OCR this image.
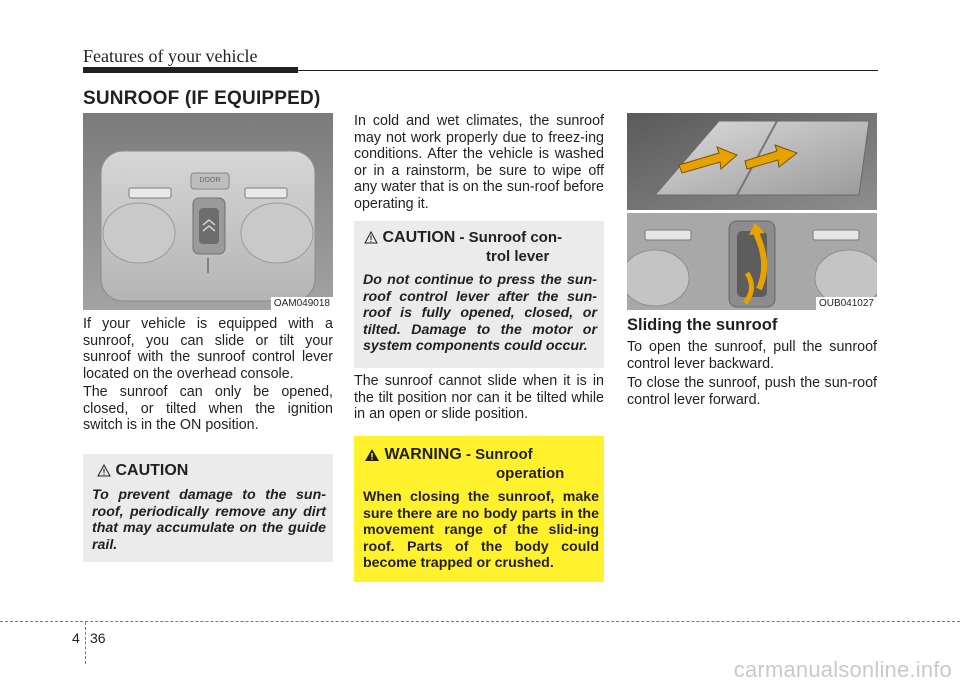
Features of your vehicle
SUNROOF (IF EQUIPPED)
DOOR
OAM049018
If your vehicle is equipped with a sunroof, you can slide or tilt your sunroof with the sunroof control lever located on the overhead console.
The sunroof can only be opened, closed, or tilted when the ignition switch is in the ON position.
CAUTION
To prevent damage to the sun-roof, periodically remove any dirt that may accumulate on the guide rail.
In cold and wet climates, the sunroof may not work properly due to freez-ing conditions. After the vehicle is washed or in a rainstorm, be sure to wipe off any water that is on the sun-roof before operating it.
CAUTION - Sunroof con-
trol lever
Do not continue to press the sun-roof control lever after the sun-roof is fully opened, closed, or tilted. Damage to the motor or system components could occur.
The sunroof cannot slide when it is in the tilt position nor can it be tilted while in an open or slide position.
WARNING - Sunroof
operation
When closing the sunroof, make sure there are no body parts in the movement range of the slid-ing roof. Parts of the body could become trapped or crushed.
OUB041027
Sliding the sunroof
To open the sunroof, pull the sunroof control lever backward.
To close the sunroof, push the sun-roof control lever forward.
4 36
carmanualsonline.info
